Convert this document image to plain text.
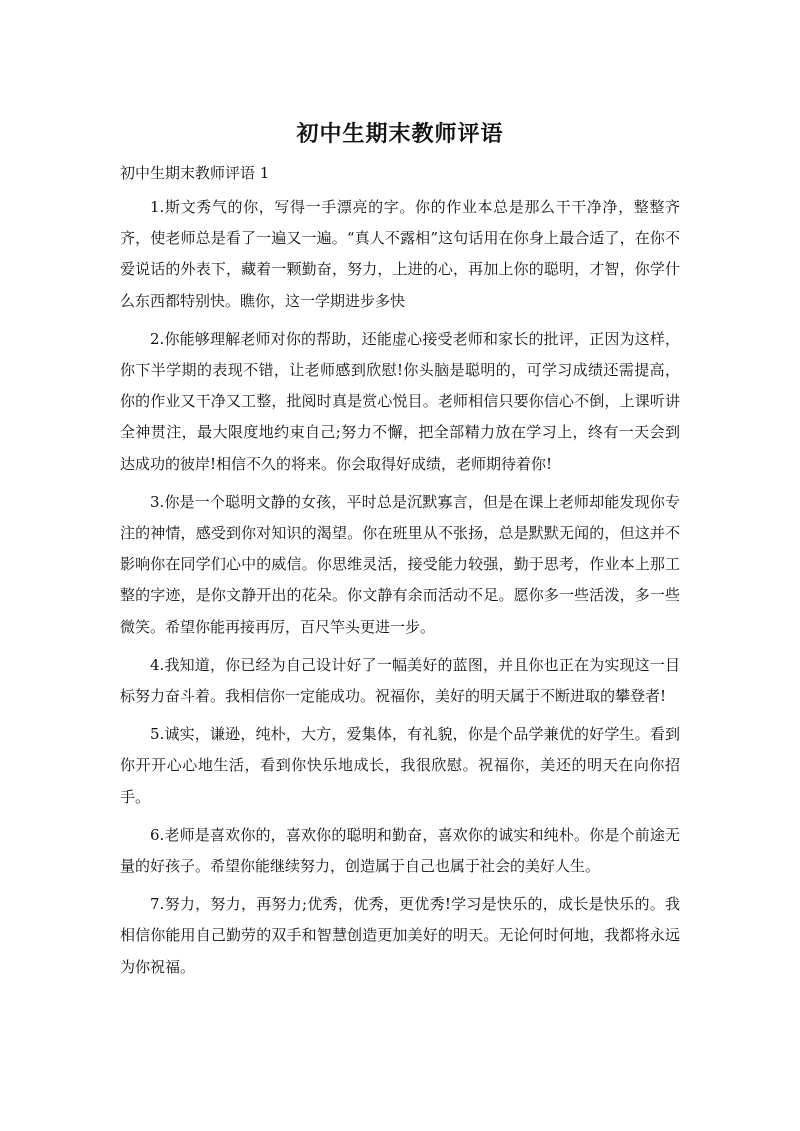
初中生期末教师评语
初中生期末教师评语 1

1.斯文秀气的你，写得一手漂亮的字。你的作业本总是那么干干净净，整整齐齐，使老师总是看了一遍又一遍。“真人不露相”这句话用在你身上最合适了，在你不爱说话的外表下，藏着一颗勤奋，努力，上进的心，再加上你的聪明，才智，你学什么东西都特别快。瞧你，这一学期进步多快

2.你能够理解老师对你的帮助，还能虚心接受老师和家长的批评，正因为这样，你下半学期的表现不错，让老师感到欣慰!你头脑是聪明的，可学习成绩还需提高，你的作业又干净又工整，批阅时真是赏心悦目。老师相信只要你信心不倒，上课听讲全神贯注，最大限度地约束自己;努力不懈，把全部精力放在学习上，终有一天会到达成功的彼岸!相信不久的将来。你会取得好成绩，老师期待着你!

3.你是一个聪明文静的女孩，平时总是沉默寡言，但是在课上老师却能发现你专注的神情，感受到你对知识的渴望。你在班里从不张扬，总是默默无闻的，但这并不影响你在同学们心中的威信。你思维灵活，接受能力较强，勤于思考，作业本上那工整的字迹，是你文静开出的花朵。你文静有余而活动不足。愿你多一些活泼，多一些微笑。希望你能再接再厉，百尺竿头更进一步。

4.我知道，你已经为自己设计好了一幅美好的蓝图，并且你也正在为实现这一目标努力奋斗着。我相信你一定能成功。祝福你，美好的明天属于不断进取的攀登者!

5.诚实，谦逊，纯朴，大方，爱集体，有礼貌，你是个品学兼优的好学生。看到你开开心心地生活，看到你快乐地成长，我很欣慰。祝福你，美还的明天在向你招手。

6.老师是喜欢你的，喜欢你的聪明和勤奋，喜欢你的诚实和纯朴。你是个前途无量的好孩子。希望你能继续努力，创造属于自己也属于社会的美好人生。

7.努力，努力，再努力;优秀，优秀，更优秀!学习是快乐的，成长是快乐的。我相信你能用自己勤劳的双手和智慧创造更加美好的明天。无论何时何地，我都将永远为你祝福。
